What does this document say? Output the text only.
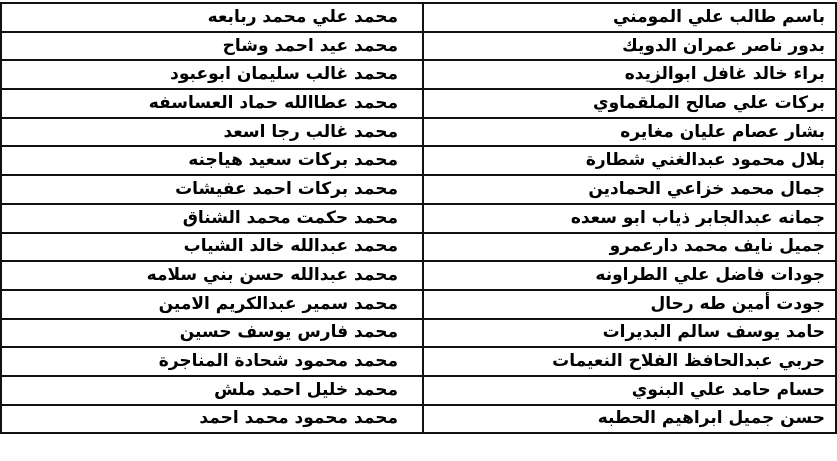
باسم طالب علي المومني	محمد علي محمد ربابعه
بدور ناصر عمران الدويك	محمد عيد احمد وشاح
براء خالد غافل ابوالزيده	محمد غالب سليمان ابوعبود
بركات علي صالح الملقماوي	محمد عطاالله حماد العساسفه
بشار عصام عليان مغايره	محمد غالب رجا اسعد
بلال محمود عبدالغني شطارة	محمد بركات سعيد هياجنه
جمال محمد خزاعي الحمادين	محمد بركات احمد عفيشات
جمانه عبدالجابر ذياب ابو سعده	محمد حكمت محمد الشناق
جميل نايف محمد دارعمرو	محمد عبدالله خالد الشياب
جودات فاضل علي الطراونه	محمد عبدالله حسن بني سلامه
جودت أمين طه رحال	محمد سمير عبدالكريم الامين
حامد يوسف سالم البديرات	محمد فارس يوسف حسين
حربي عبدالحافظ الفلاح النعيمات	محمد محمود شحادة المناجرة
حسام حامد علي البنوي	محمد خليل احمد ملش
حسن جميل ابراهيم الحطبه	محمد محمود محمد احمد
